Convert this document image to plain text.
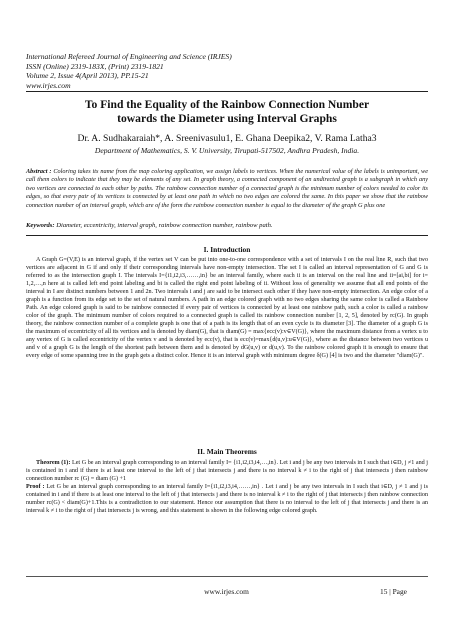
International Refereed Journal of Engineering and Science (IRJES)
ISSN (Online) 2319-183X, (Print) 2319-1821
Volume 2, Issue 4(April 2013), PP.15-21
www.irjes.com
To Find the Equality of the Rainbow Connection Number
towards the Diameter using Interval Graphs
Dr. A. Sudhakaraiah*, A. Sreenivasulu1, E. Ghana Deepika2, V. Rama Latha3
Department of Mathematics, S. V. University, Tirupati-517502, Andhra Pradesh, India.
Abstract : Coloring takes its name from the map coloring application, we assign labels to vertices. When the numerical value of the labels is unimportant, we call them colors to indicate that they may be elements of any set. In graph theory, a connected component of an undirected graph is a subgraph in which any two vertices are connected to each other by paths. The rainbow connection number of a connected graph is the minimum number of colors needed to color its edges, so that every pair of its vertices is connected by at least one path in which no two edges are colored the same. In this paper we show that the rainbow connection number of an interval graph, which are of the form the rainbow connection number is equal to the diameter of the graph G plus one
Keywords: Diameter, eccentricity, interval graph, rainbow connection number, rainbow path.
I. Introduction

A Graph G=(V,E) is an interval graph, if the vertex set V can be put into one-to-one correspondence with a set of intervals I on the real line R, such that two vertices are adjacent in G if and only if their corresponding intervals have non-empty intersection. The set I is called an interval representation of G and G is referred to as the intersection graph I. The intervals I={i1,i2,i3,……,in} be an interval family, where each ii is an interval on the real line and ii=[ai,bi] for i= 1,2,…,n here ai is called left end point labeling and bi is called the right end point labeling of ii. Without loss of generality we assume that all end points of the interval in I are distinct numbers between 1 and 2n. Two intervals i and j are said to be intersect each other if they have non-empty intersection. An edge color of a graph is a function from its edge set to the set of natural numbers. A path in an edge colored graph with no two edges sharing the same color is called a Rainbow Path. An edge colored graph is said to be rainbow connected if every pair of vertices is connected by at least one rainbow path, such a color is called a rainbow color of the graph. The minimum number of colors required to a connected graph is called its rainbow connection number [1, 2, 5], denoted by rc(G). In graph theory, the rainbow connection number of a complete graph is one that of a path is its length that of an even cycle is its diameter [3]. The diameter of a graph G is the maximum of eccentricity of all its vertices and is denoted by diam(G), that is diam(G) = max{ecc(v):v∈V(G)}, where the maximum distance from a vertex u to any vertex of G is called eccentricity of the vertex v and is denoted by ecc(v), that is ecc(v)=max{d(u,v):u∈V(G)}, where as the distance between two vertices u and v of a graph G is the length of the shortest path between them and is denoted by dG(u,v) or d(u,v). To the rainbow colored graph it is enough to ensure that every edge of some spanning tree in the graph gets a distinct color. Hence it is an interval graph with minimum degree δ(G) [4] is two and the diameter "diam(G)".

II. Main Theorems

Theorem (1): Let G be an interval graph corresponding to an interval family I= {i1,i2,i3,i4,…,in}. Let i and j be any two intervals in I such that i∈D, j ≠1 and j is contained in i and if there is at least one interval to the left of j that intersects j and there is no interval k ≠ i to the right of j that intersects j then rainbow connection number rc (G) = diam (G) +1

Proof : Let G be an interval graph corresponding to an interval family I={i1,i2,i3,i4,……,in} . Let i and j be any two intervals in I such that i∈D, j ≠ 1 and j is contained in i and if there is at least one interval to the left of j that intersects j and there is no interval k ≠ i to the right of j that intersects j then rainbow connection number rc(G) < diam(G)+1.This is a contradiction to our statement. Hence our assumption that there is no interval to the left of j that intersects j and there is an interval k ≠ i to the right of j that intersects j is wrong, and this statement is shown in the following edge colored graph.

www.irjes.com	15 | Page
